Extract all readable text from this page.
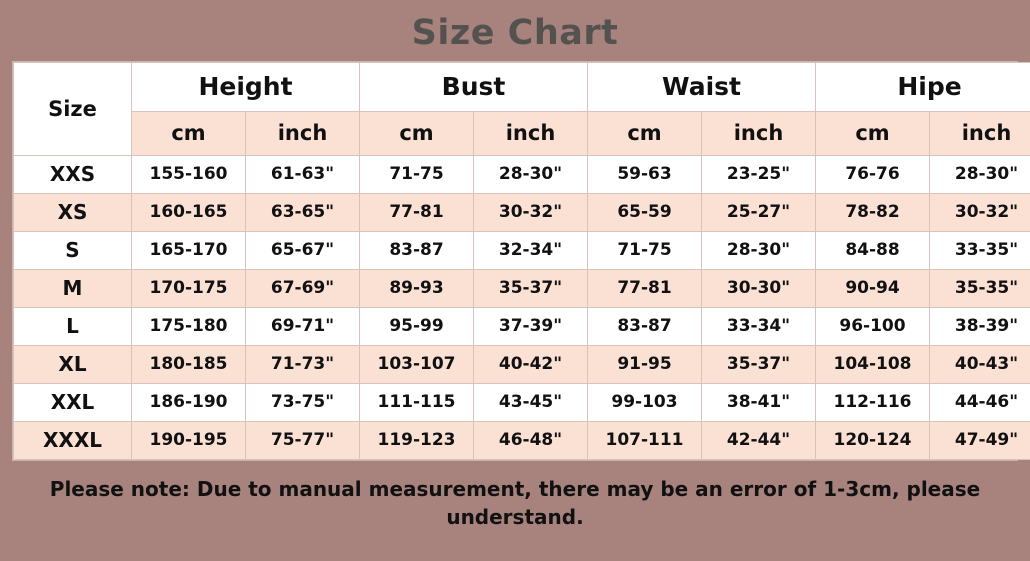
Size Chart
Size	Height		Bust		Waist		Hipe	
	cm	inch	cm	inch	cm	inch	cm	inch
XXS	155-160	61-63"	71-75	28-30"	59-63	23-25"	76-76	28-30"
XS	160-165	63-65"	77-81	30-32"	65-59	25-27"	78-82	30-32"
S	165-170	65-67"	83-87	32-34"	71-75	28-30"	84-88	33-35"
M	170-175	67-69"	89-93	35-37"	77-81	30-30"	90-94	35-35"
L	175-180	69-71"	95-99	37-39"	83-87	33-34"	96-100	38-39"
XL	180-185	71-73"	103-107	40-42"	91-95	35-37"	104-108	40-43"
XXL	186-190	73-75"	111-115	43-45"	99-103	38-41"	112-116	44-46"
XXXL	190-195	75-77"	119-123	46-48"	107-111	42-44"	120-124	47-49"
Please note: Due to manual measurement, there may be an error of 1-3cm, please understand.
